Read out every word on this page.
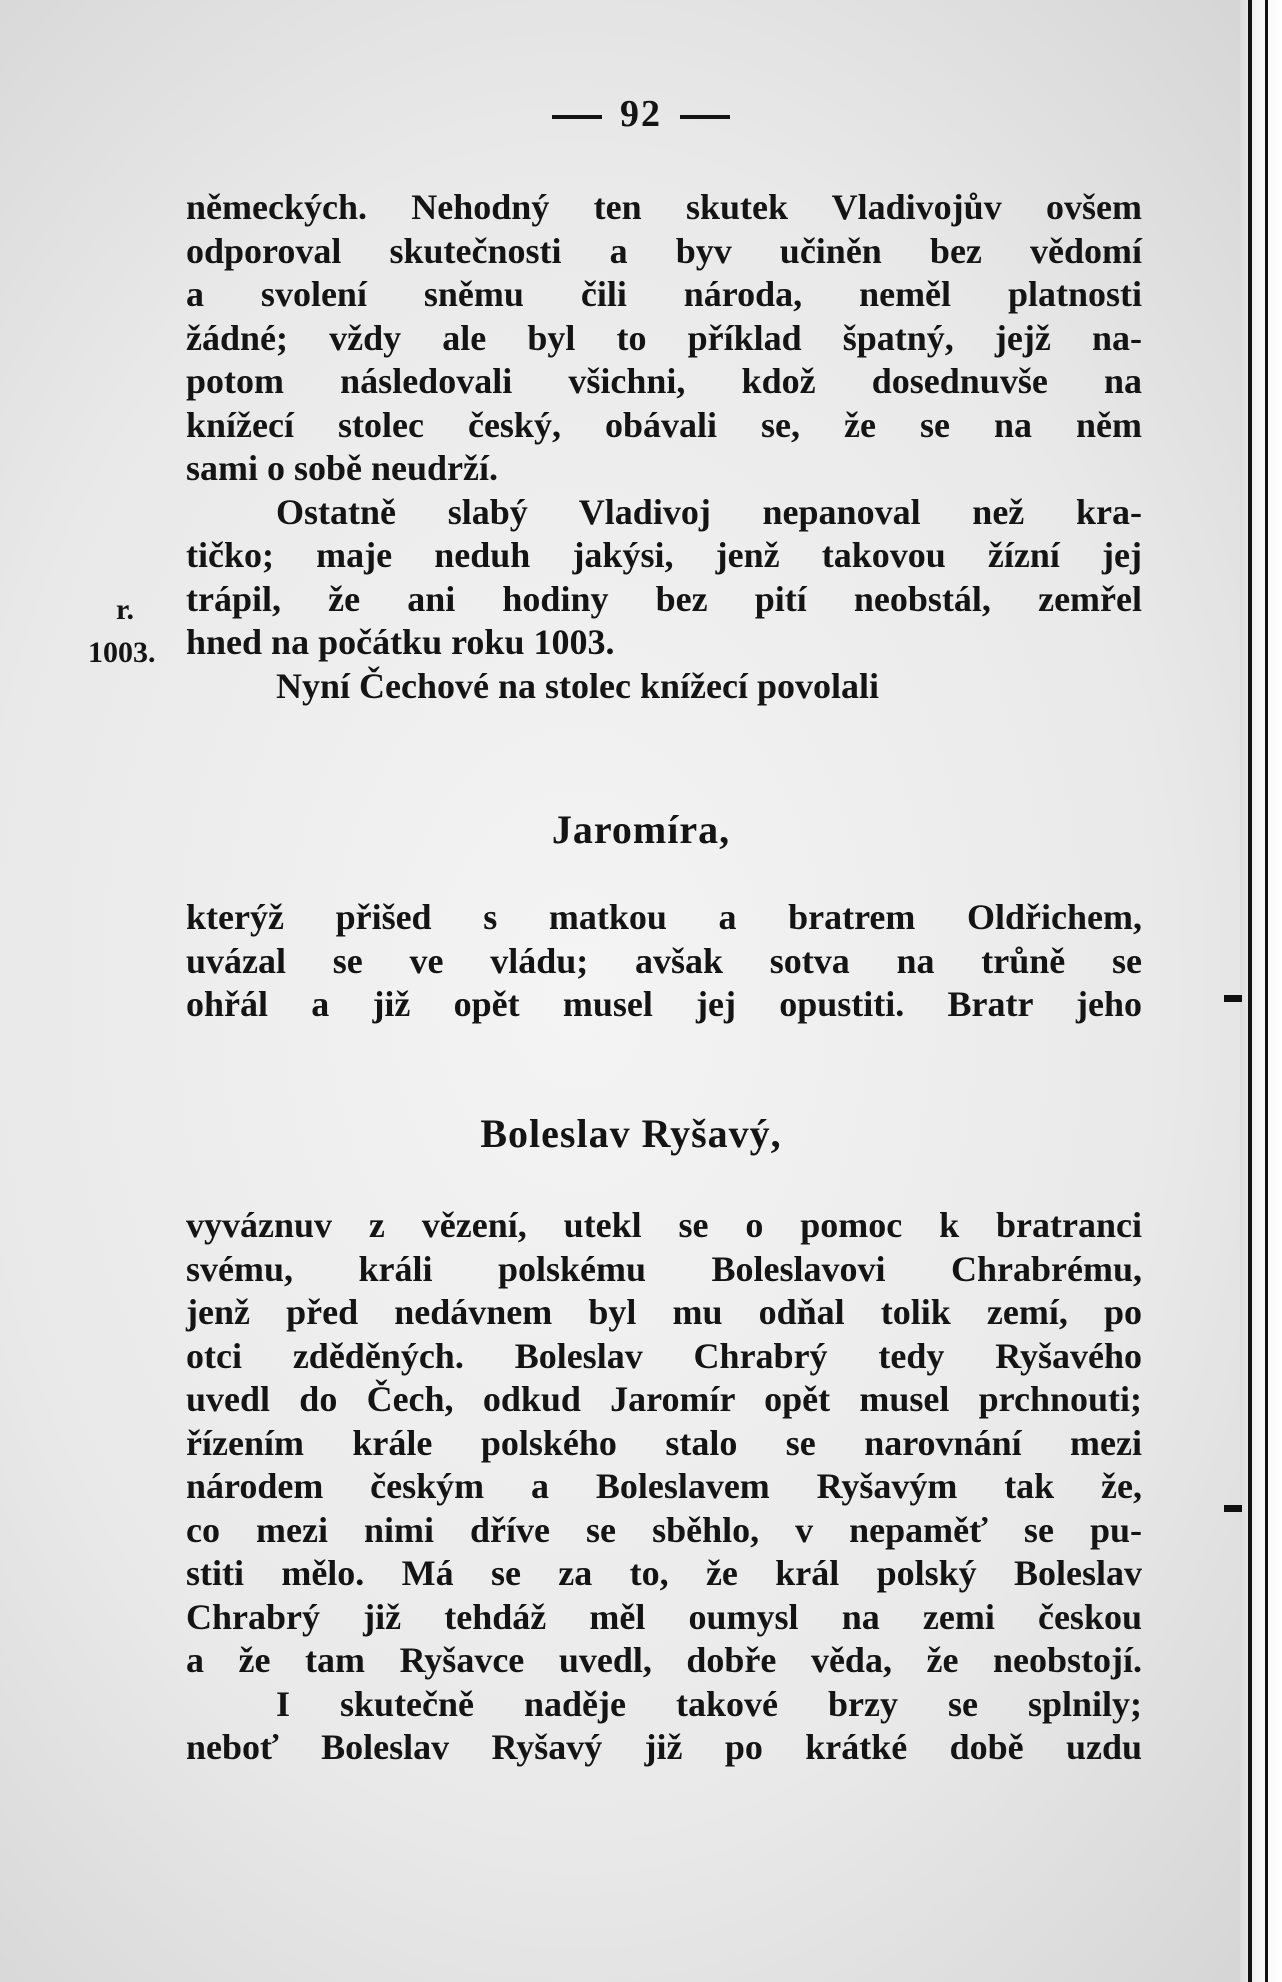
92
německých. Nehodný ten skutek Vladivojův ovšem
odporoval skutečnosti a byv učiněn bez vědomí
a svolení sněmu čili národa, neměl platnosti
žádné; vždy ale byl to příklad špatný, jejž na-
potom následovali všichni, kdož dosednuvše na
knížecí stolec český, obávali se, že se na něm
sami o sobě neudrží.
Ostatně slabý Vladivoj nepanoval než kra-
tičko; maje neduh jakýsi, jenž takovou žízní jej
trápil, že ani hodiny bez pití neobstál, zemřel
hned na počátku roku 1003.
Nyní Čechové na stolec knížecí povolali
r.
1003.
Jaromíra,
kterýž přišed s matkou a bratrem Oldřichem,
uvázal se ve vládu; avšak sotva na trůně se
ohřál a již opět musel jej opustiti. Bratr jeho
Boleslav Ryšavý,
vyváznuv z vězení, utekl se o pomoc k bratranci
svému, králi polskému Boleslavovi Chrabrému,
jenž před nedávnem byl mu odňal tolik zemí, po
otci zděděných. Boleslav Chrabrý tedy Ryšavého
uvedl do Čech, odkud Jaromír opět musel prchnouti;
řízením krále polského stalo se narovnání mezi
národem českým a Boleslavem Ryšavým tak že,
co mezi nimi dříve se sběhlo, v nepaměť se pu-
stiti mělo. Má se za to, že král polský Boleslav
Chrabrý již tehdáž měl oumysl na zemi českou
a že tam Ryšavce uvedl, dobře věda, že neobstojí.
I skutečně naděje takové brzy se splnily;
neboť Boleslav Ryšavý již po krátké době uzdu
